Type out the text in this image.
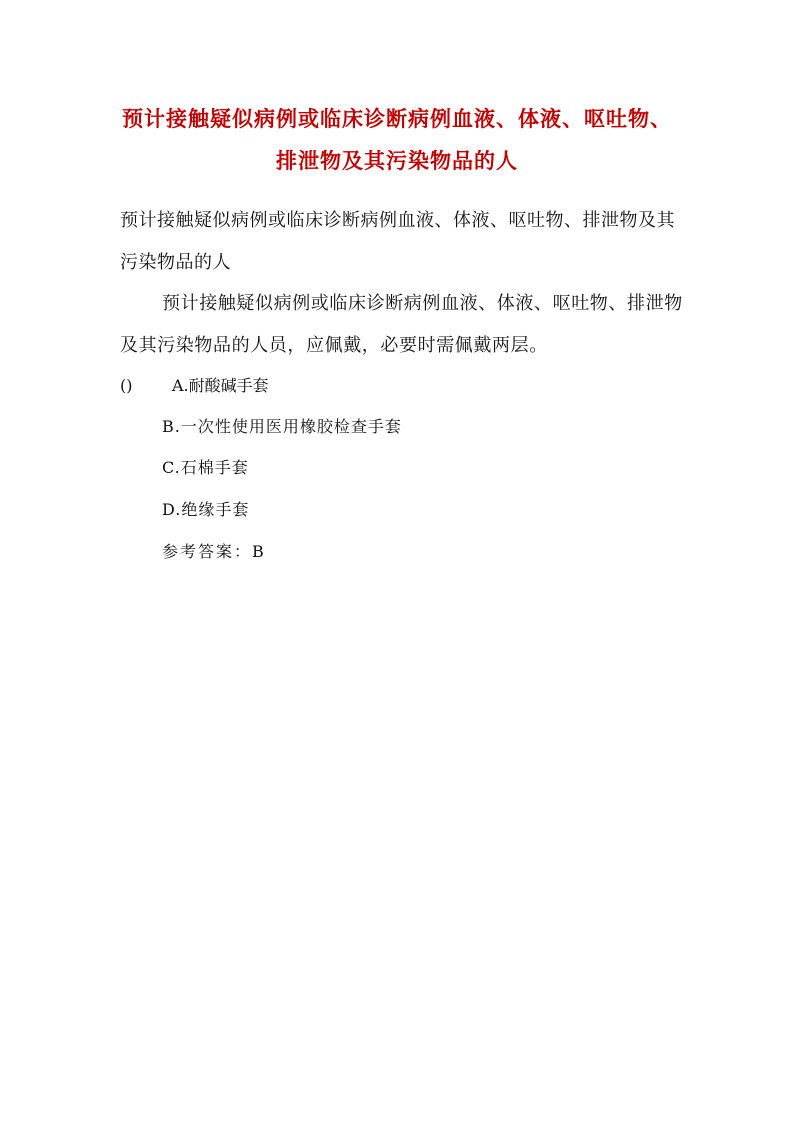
预计接触疑似病例或临床诊断病例血液、体液、呕吐物、排泄物及其污染物品的人
预计接触疑似病例或临床诊断病例血液、体液、呕吐物、排泄物及其污染物品的人
预计接触疑似病例或临床诊断病例血液、体液、呕吐物、排泄物及其污染物品的人员，应佩戴，必要时需佩戴两层。
() A.耐酸碱手套
B.一次性使用医用橡胶检查手套
C.石棉手套
D.绝缘手套
参考答案：B
